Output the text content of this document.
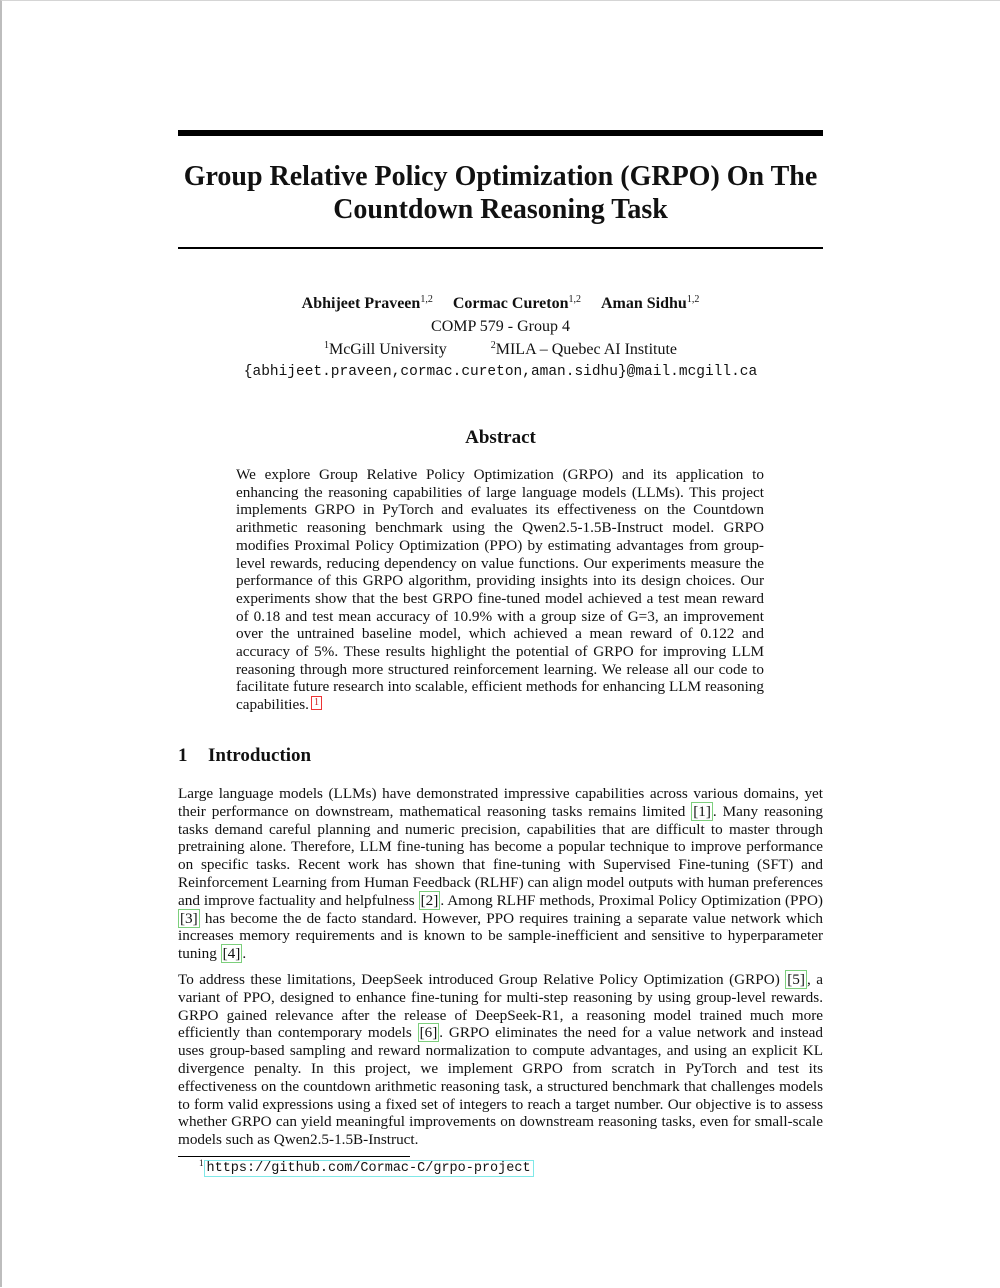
Group Relative Policy Optimization (GRPO) On The Countdown Reasoning Task
Abhijeet Praveen$^{1,2}$ Cormac Cureton$^{1,2}$ Aman Sidhu$^{1,2}$
COMP 579 - Group 4
$^1$McGill University	$^2$MILA – Quebec AI Institute
{abhijeet.praveen,cormac.cureton,aman.sidhu}@mail.mcgill.ca
Abstract
We explore Group Relative Policy Optimization (GRPO) and its application to enhancing the reasoning capabilities of large language models (LLMs). This project implements GRPO in PyTorch and evaluates its effectiveness on the Countdown arithmetic reasoning benchmark using the Qwen2.5-1.5B-Instruct model. GRPO modifies Proximal Policy Optimization (PPO) by estimating advantages from group-level rewards, reducing dependency on value functions. Our experiments measure the performance of this GRPO algorithm, providing insights into its design choices. Our experiments show that the best GRPO fine-tuned model achieved a test mean reward of 0.18 and test mean accuracy of 10.9% with a group size of G=3, an improvement over the untrained baseline model, which achieved a mean reward of 0.122 and accuracy of 5%. These results highlight the potential of GRPO for improving LLM reasoning through more structured reinforcement learning. We release all our code to facilitate future research into scalable, efficient methods for enhancing LLM reasoning capabilities. 1
1 Introduction
Large language models (LLMs) have demonstrated impressive capabilities across various domains, yet their performance on downstream, mathematical reasoning tasks remains limited [1] . Many reasoning tasks demand careful planning and numeric precision, capabilities that are difficult to master through pretraining alone. Therefore, LLM fine-tuning has become a popular technique to improve performance on specific tasks. Recent work has shown that fine-tuning with Supervised Fine-tuning (SFT) and Reinforcement Learning from Human Feedback (RLHF) can align model outputs with human preferences and improve factuality and helpfulness [2] . Among RLHF methods, Proximal Policy Optimization (PPO) [3] has become the de facto standard. However, PPO requires training a separate value network which increases memory requirements and is known to be sample-inefficient and sensitive to hyperparameter tuning [4] .
To address these limitations, DeepSeek introduced Group Relative Policy Optimization (GRPO) [5] , a variant of PPO, designed to enhance fine-tuning for multi-step reasoning by using group-level rewards. GRPO gained relevance after the release of DeepSeek-R1, a reasoning model trained much more efficiently than contemporary models [6] . GRPO eliminates the need for a value network and instead uses group-based sampling and reward normalization to compute advantages, and using an explicit KL divergence penalty. In this project, we implement GRPO from scratch in PyTorch and test its effectiveness on the countdown arithmetic reasoning task, a structured benchmark that challenges models to form valid expressions using a fixed set of integers to reach a target number. Our objective is to assess whether GRPO can yield meaningful improvements on downstream reasoning tasks, even for small-scale models such as Qwen2.5-1.5B-Instruct.
$^1$ https://github.com/Cormac-C/grpo-project
